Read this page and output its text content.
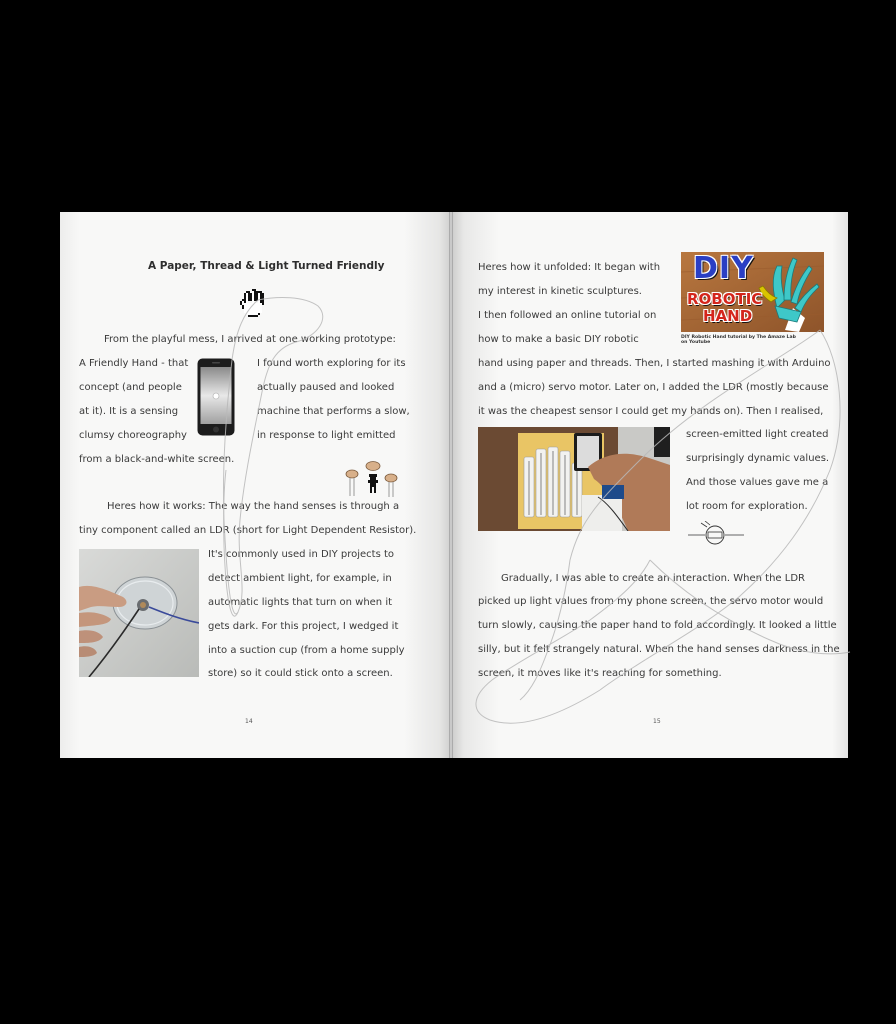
A Paper, Thread & Light Turned Friendly
From the playful mess, I arrived at one working prototype:
A Friendly Hand - that	I found worth exploring for its
concept (and people	actually paused and looked
at it). It is a sensing	machine that performs a slow,
clumsy choreography	in response to light emitted
from a black-and-white screen.
Heres how it works: The way the hand senses is through a
tiny component called an LDR (short for Light Dependent Resistor).
It's commonly used in DIY projects to
detect ambient light, for example, in
automatic lights that turn on when it
gets dark. For this project, I wedged it
into a suction cup (from a home supply
store) so it could stick onto a screen.
14
Heres how it unfolded: It began with
my interest in kinetic sculptures.
I then followed an online tutorial on
how to make a basic DIY robotic
DIY
ROBOTIC
HAND
DIY Robotic Hand tutorial by The Amaze Lab
on Youtube
hand using paper and threads. Then, I started mashing it with Arduino
and a (micro) servo motor. Later on, I added the LDR (mostly because
it was the cheapest sensor I could get my hands on). Then I realised,
screen-emitted light created
surprisingly dynamic values.
And those values gave me a
lot room for exploration.
Gradually, I was able to create an interaction. When the LDR
picked up light values from my phone screen, the servo motor would
turn slowly, causing the paper hand to fold accordingly. It looked a little
silly, but it felt strangely natural. When the hand senses darkness in the
screen, it moves like it's reaching for something.
15
